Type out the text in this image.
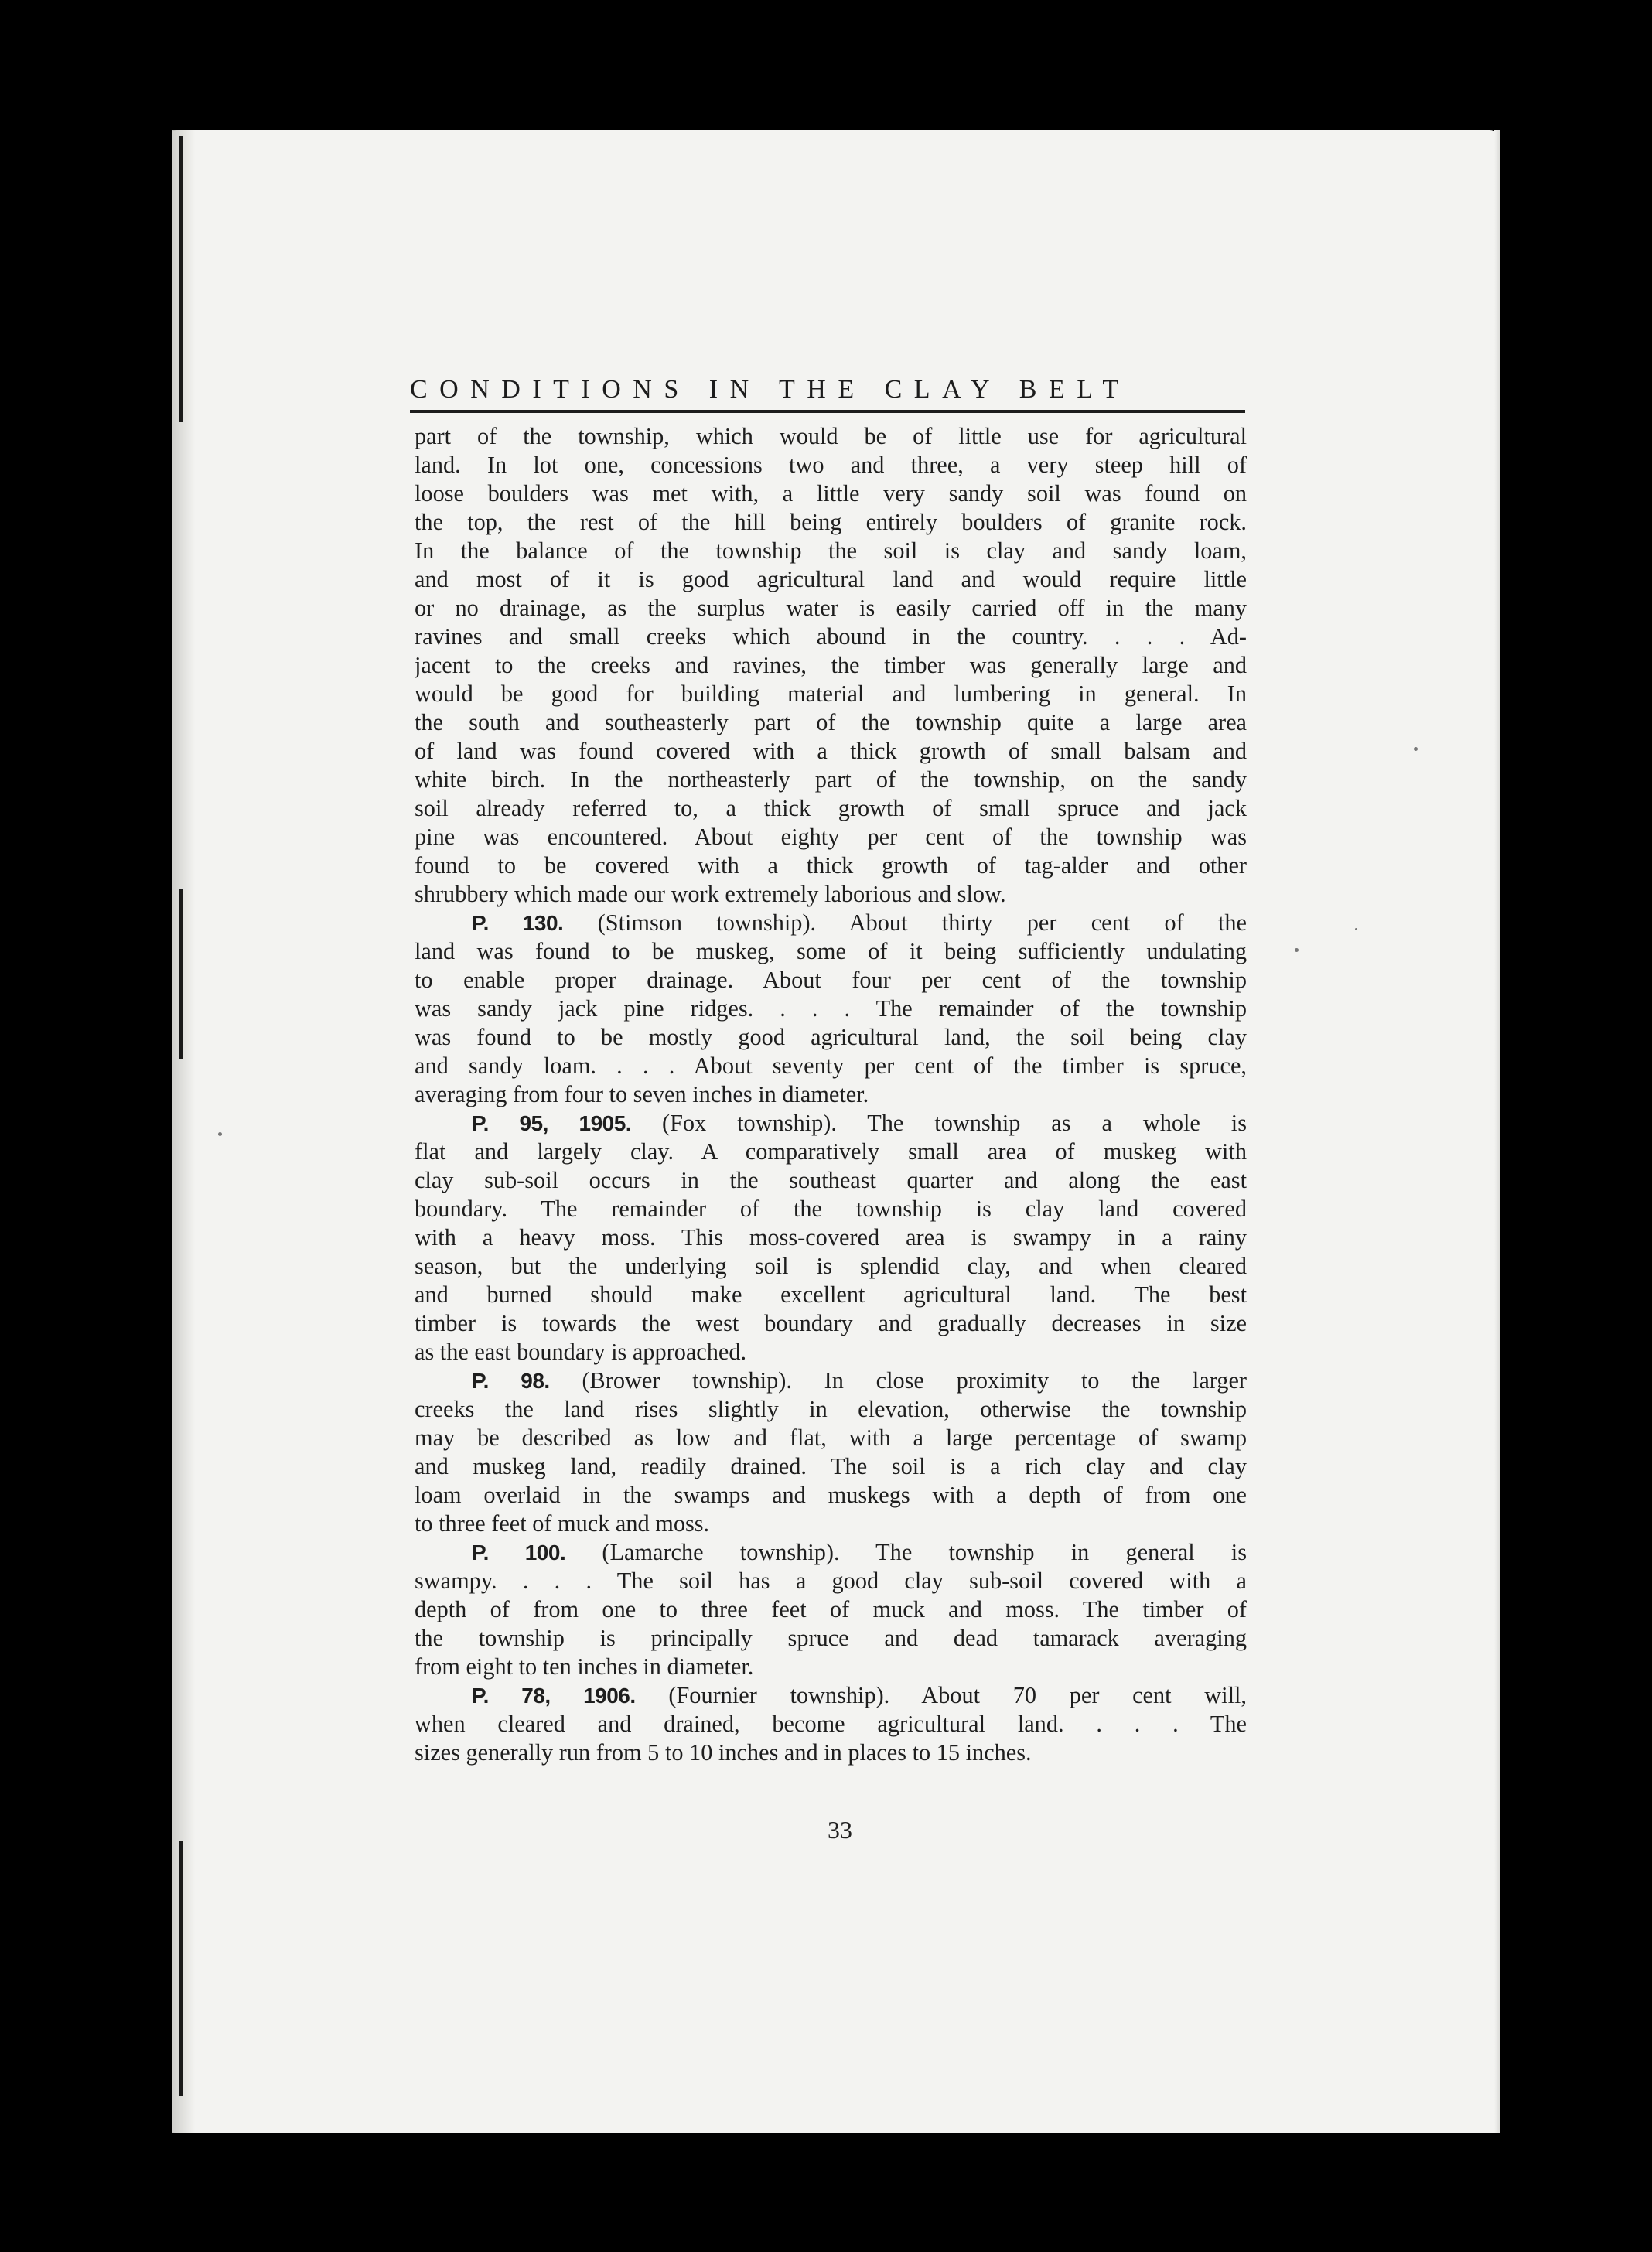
CONDITIONS IN THE CLAY BELT
part of the township, which would be of little use for agricultural
land. In lot one, concessions two and three, a very steep hill of
loose boulders was met with, a little very sandy soil was found on
the top, the rest of the hill being entirely boulders of granite rock.
In the balance of the township the soil is clay and sandy loam,
and most of it is good agricultural land and would require little
or no drainage, as the surplus water is easily carried off in the many
ravines and small creeks which abound in the country. . . . Ad-
jacent to the creeks and ravines, the timber was generally large and
would be good for building material and lumbering in general. In
the south and southeasterly part of the township quite a large area
of land was found covered with a thick growth of small balsam and
white birch. In the northeasterly part of the township, on the sandy
soil already referred to, a thick growth of small spruce and jack
pine was encountered. About eighty per cent of the township was
found to be covered with a thick growth of tag-alder and other
shrubbery which made our work extremely laborious and slow.
P. 130. (Stimson township). About thirty per cent of the
land was found to be muskeg, some of it being sufficiently undulating
to enable proper drainage. About four per cent of the township
was sandy jack pine ridges. . . . The remainder of the township
was found to be mostly good agricultural land, the soil being clay
and sandy loam. . . . About seventy per cent of the timber is spruce,
averaging from four to seven inches in diameter.
P. 95, 1905. (Fox township). The township as a whole is
flat and largely clay. A comparatively small area of muskeg with
clay sub-soil occurs in the southeast quarter and along the east
boundary. The remainder of the township is clay land covered
with a heavy moss. This moss-covered area is swampy in a rainy
season, but the underlying soil is splendid clay, and when cleared
and burned should make excellent agricultural land. The best
timber is towards the west boundary and gradually decreases in size
as the east boundary is approached.
P. 98. (Brower township). In close proximity to the larger
creeks the land rises slightly in elevation, otherwise the township
may be described as low and flat, with a large percentage of swamp
and muskeg land, readily drained. The soil is a rich clay and clay
loam overlaid in the swamps and muskegs with a depth of from one
to three feet of muck and moss.
P. 100. (Lamarche township). The township in general is
swampy. . . . The soil has a good clay sub-soil covered with a
depth of from one to three feet of muck and moss. The timber of
the township is principally spruce and dead tamarack averaging
from eight to ten inches in diameter.
P. 78, 1906. (Fournier township). About 70 per cent will,
when cleared and drained, become agricultural land. . . . The
sizes generally run from 5 to 10 inches and in places to 15 inches.
33
